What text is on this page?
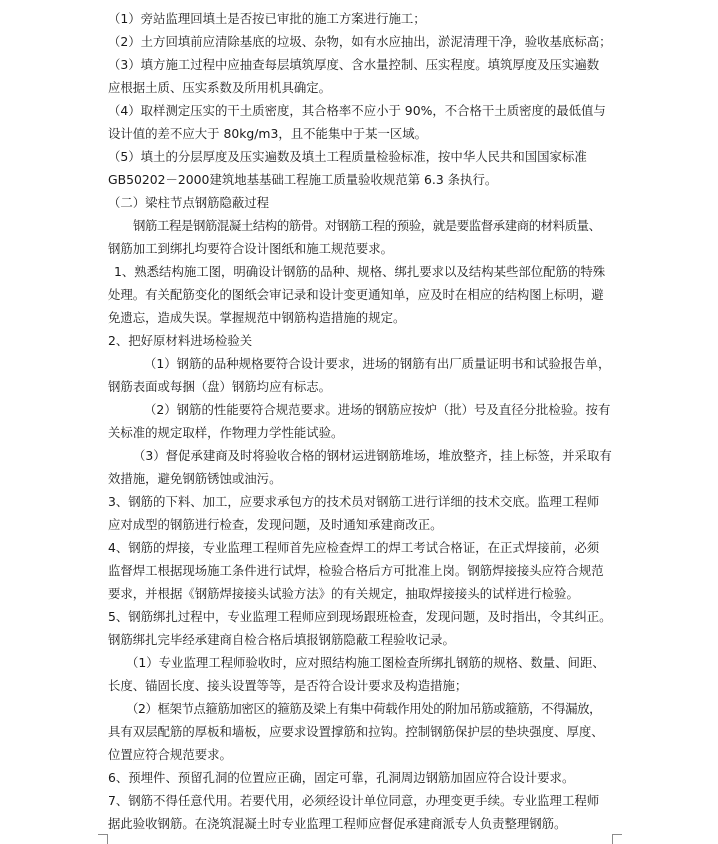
（1）旁站监理回填土是否按已审批的施工方案进行施工；
（2）土方回填前应清除基底的垃圾、杂物，如有水应抽出，淤泥清理干净，验收基底标高；
（3）填方施工过程中应抽查每层填筑厚度、含水量控制、压实程度。填筑厚度及压实遍数
应根据土质、压实系数及所用机具确定。
（4）取样测定压实的干土质密度，其合格率不应小于 90%，不合格干土质密度的最低值与
设计值的差不应大于 80kg/m3，且不能集中于某一区域。
（5）填土的分层厚度及压实遍数及填土工程质量检验标准，按中华人民共和国国家标准
GB50202－2000建筑地基基础工程施工质量验收规范第 6.3 条执行。
（二）梁柱节点钢筋隐蔽过程
钢筋工程是钢筋混凝土结构的筋骨。对钢筋工程的预验，就是要监督承建商的材料质量、
钢筋加工到绑扎均要符合设计图纸和施工规范要求。
1、熟悉结构施工图，明确设计钢筋的品种、规格、绑扎要求以及结构某些部位配筋的特殊
处理。有关配筋变化的图纸会审记录和设计变更通知单，应及时在相应的结构图上标明，避
免遗忘，造成失误。掌握规范中钢筋构造措施的规定。
2、把好原材料进场检验关
（1）钢筋的品种规格要符合设计要求，进场的钢筋有出厂质量证明书和试验报告单，
钢筋表面或每捆（盘）钢筋均应有标志。
（2）钢筋的性能要符合规范要求。进场的钢筋应按炉（批）号及直径分批检验。按有
关标准的规定取样，作物理力学性能试验。
（3）督促承建商及时将验收合格的钢材运进钢筋堆场，堆放整齐，挂上标签，并采取有
效措施，避免钢筋锈蚀或油污。
3、钢筋的下料、加工，应要求承包方的技术员对钢筋工进行详细的技术交底。监理工程师
应对成型的钢筋进行检查，发现问题，及时通知承建商改正。
4、钢筋的焊接，专业监理工程师首先应检查焊工的焊工考试合格证，在正式焊接前，必须
监督焊工根据现场施工条件进行试焊，检验合格后方可批准上岗。钢筋焊接接头应符合规范
要求，并根据《钢筋焊接接头试验方法》的有关规定，抽取焊接接头的试样进行检验。
5、钢筋绑扎过程中，专业监理工程师应到现场跟班检查，发现问题，及时指出，令其纠正。
钢筋绑扎完毕经承建商自检合格后填报钢筋隐蔽工程验收记录。
（1）专业监理工程师验收时，应对照结构施工图检查所绑扎钢筋的规格、数量、间距、
长度、锚固长度、接头设置等等，是否符合设计要求及构造措施；
（2）框架节点箍筋加密区的箍筋及梁上有集中荷载作用处的附加吊筋或箍筋，不得漏放，
具有双层配筋的厚板和墙板，应要求设置撑筋和拉钩。控制钢筋保护层的垫块强度、厚度、
位置应符合规范要求。
6、预埋件、预留孔洞的位置应正确，固定可靠，孔洞周边钢筋加固应符合设计要求。
7、钢筋不得任意代用。若要代用，必须经设计单位同意，办理变更手续。专业监理工程师
据此验收钢筋。在浇筑混凝土时专业监理工程师应督促承建商派专人负责整理钢筋。
